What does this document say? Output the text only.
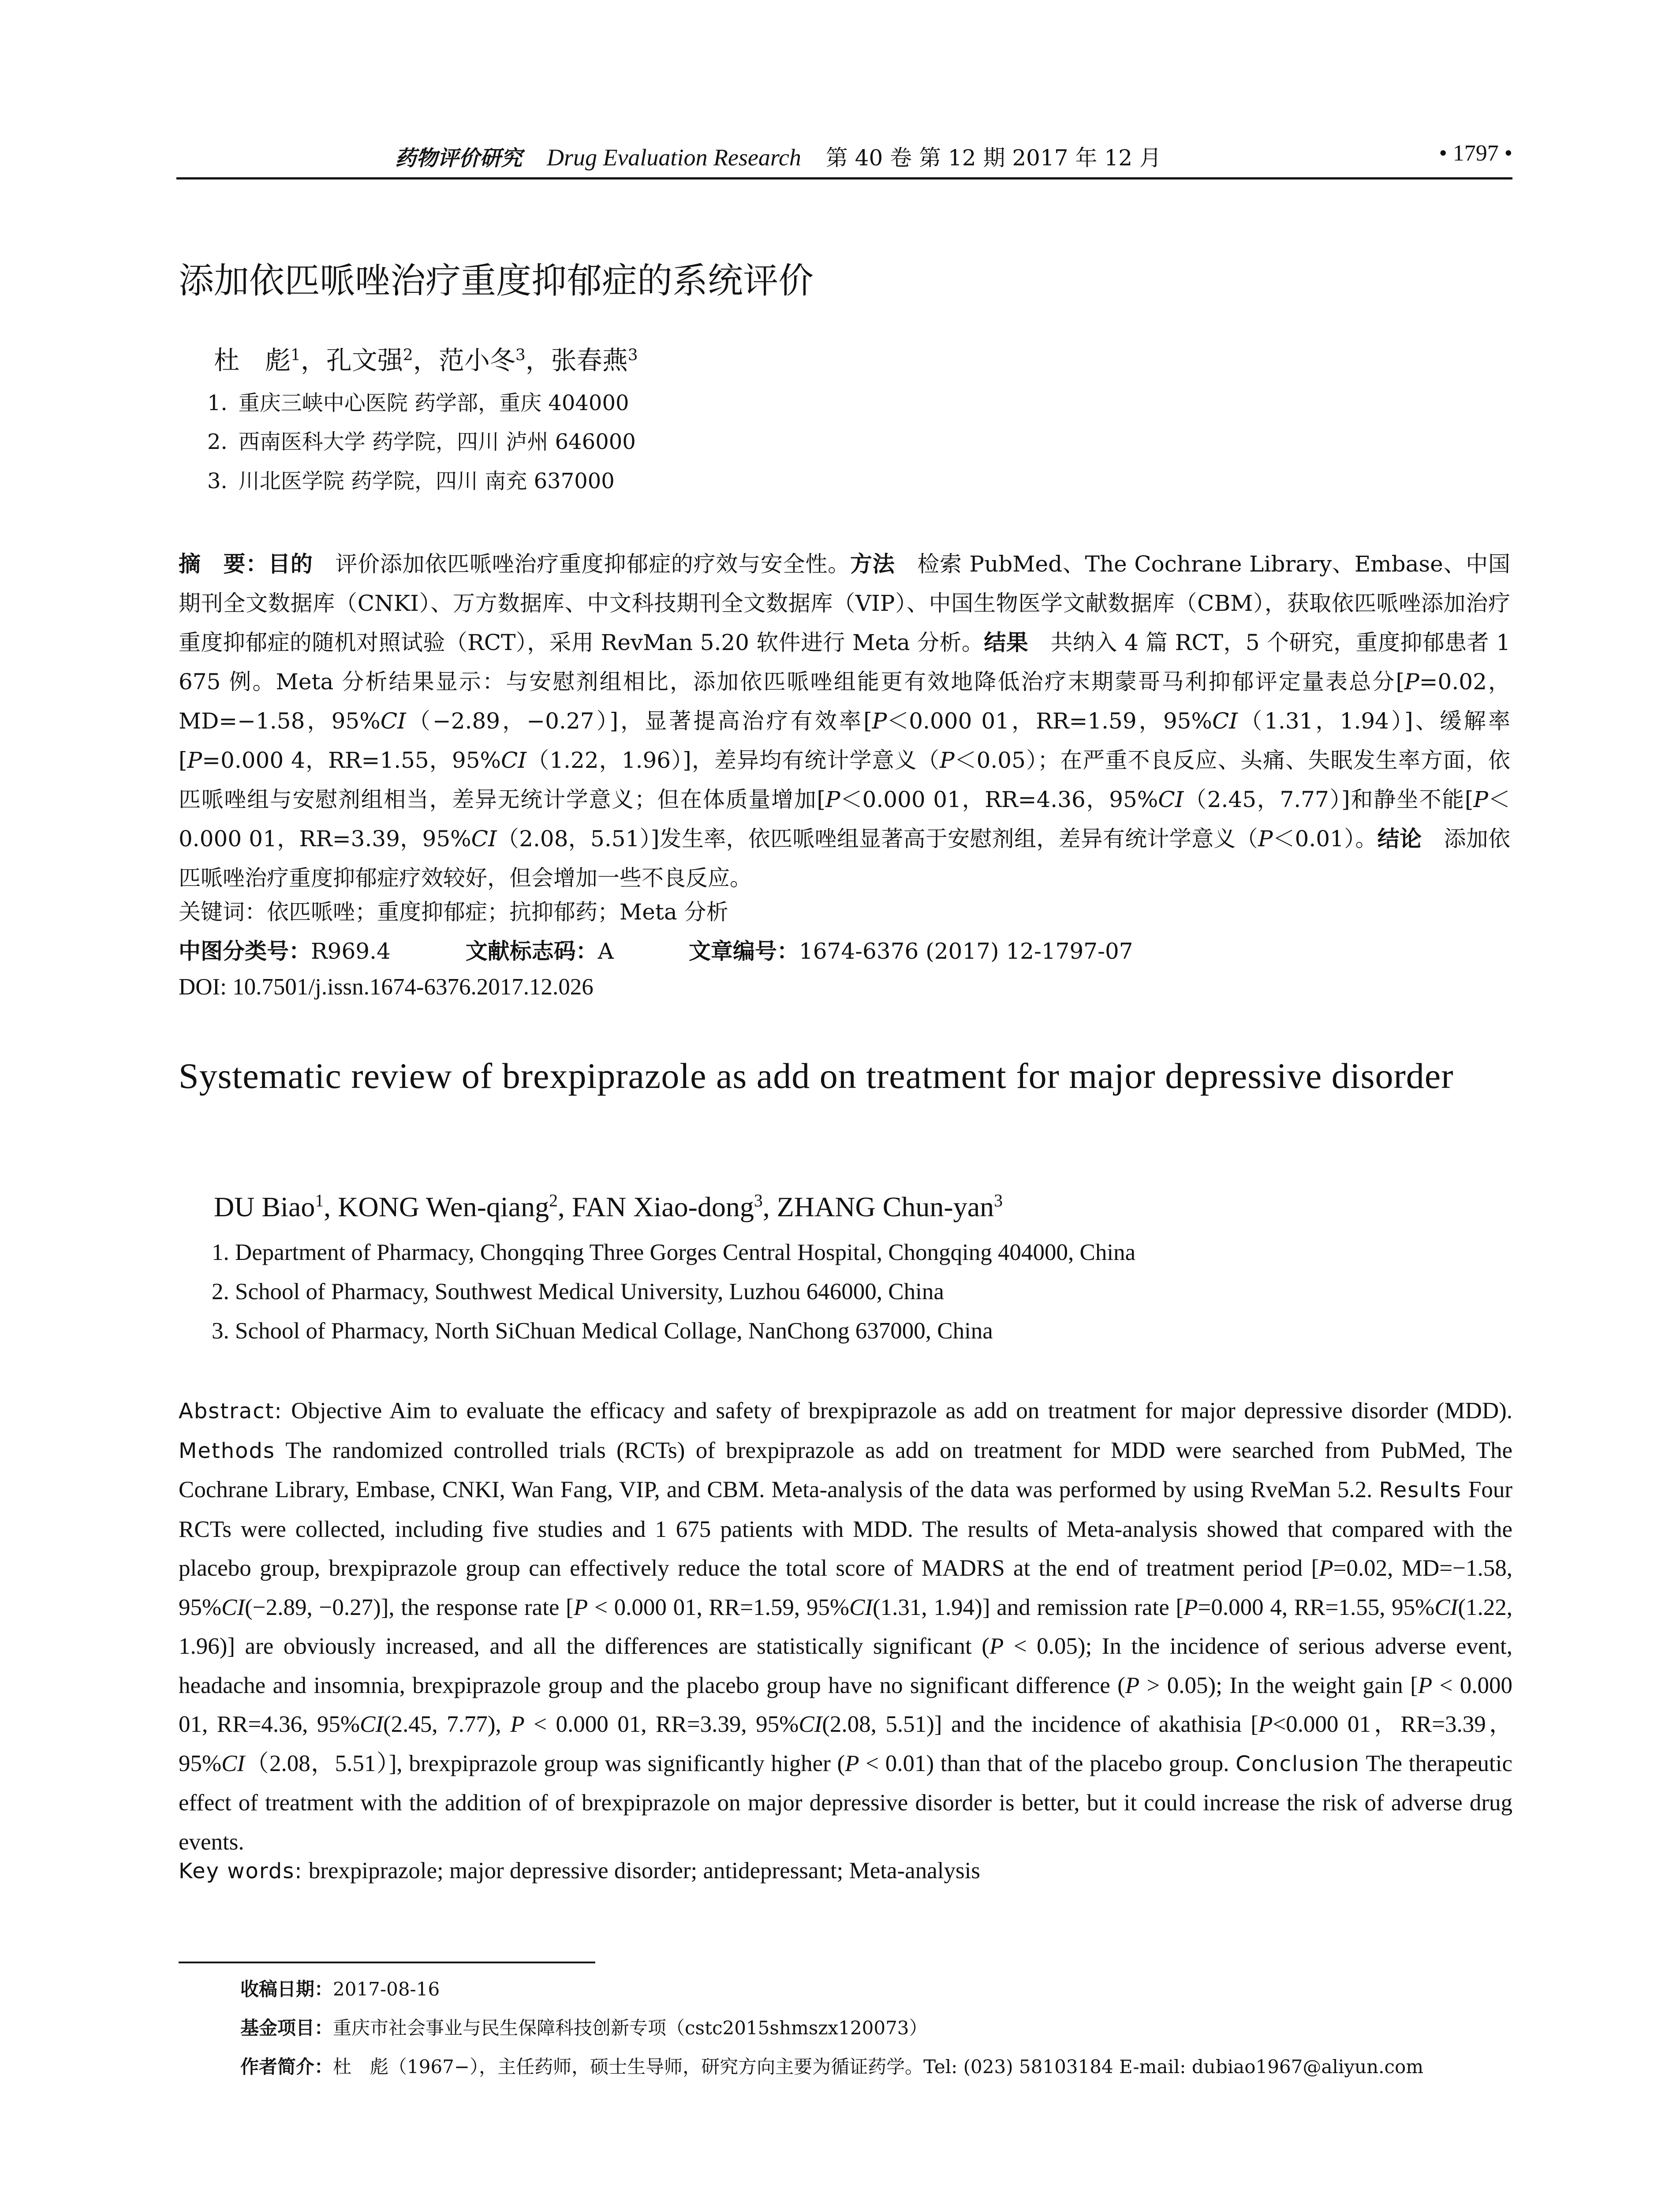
药物评价研究 Drug Evaluation Research 第 40 卷 第 12 期 2017 年 12 月	• 1797 •
添加依匹哌唑治疗重度抑郁症的系统评价
杜　彪$^1$，孔文强$^2$，范小冬$^3$，张春燕$^3$
1. 重庆三峡中心医院 药学部，重庆 404000
2. 西南医科大学 药学院，四川 泸州 646000
3. 川北医学院 药学院，四川 南充 637000
摘　要：目的　评价添加依匹哌唑治疗重度抑郁症的疗效与安全性。方法　检索 PubMed、The Cochrane Library、Embase、中国期刊全文数据库（CNKI）、万方数据库、中文科技期刊全文数据库（VIP）、中国生物医学文献数据库（CBM），获取依匹哌唑添加治疗重度抑郁症的随机对照试验（RCT），采用 RevMan 5.20 软件进行 Meta 分析。结果　共纳入 4 篇 RCT，5 个研究，重度抑郁患者 1 675 例。Meta 分析结果显示：与安慰剂组相比，添加依匹哌唑组能更有效地降低治疗末期蒙哥马利抑郁评定量表总分[P=0.02，MD=−1.58，95%CI（−2.89，−0.27）]，显著提高治疗有效率[P＜0.000 01，RR=1.59，95%CI（1.31，1.94）]、缓解率[P=0.000 4，RR=1.55，95%CI（1.22，1.96）]，差异均有统计学意义（P＜0.05）；在严重不良反应、头痛、失眠发生率方面，依匹哌唑组与安慰剂组相当，差异无统计学意义；但在体质量增加[P＜0.000 01，RR=4.36，95%CI（2.45，7.77）]和静坐不能[P＜0.000 01，RR=3.39，95%CI（2.08，5.51）]发生率，依匹哌唑组显著高于安慰剂组，差异有统计学意义（P＜0.01）。结论　添加依匹哌唑治疗重度抑郁症疗效较好，但会增加一些不良反应。
关键词：依匹哌唑；重度抑郁症；抗抑郁药；Meta 分析
中图分类号：R969.4	文献标志码：A	文章编号：1674-6376 (2017) 12-1797-07
DOI: 10.7501/j.issn.1674-6376.2017.12.026
Systematic review of brexpiprazole as add on treatment for major depressive disorder
DU Biao$^1$, KONG Wen-qiang$^2$, FAN Xiao-dong$^3$, ZHANG Chun-yan$^3$
1. Department of Pharmacy, Chongqing Three Gorges Central Hospital, Chongqing 404000, China
2. School of Pharmacy, Southwest Medical University, Luzhou 646000, China
3. School of Pharmacy, North SiChuan Medical Collage, NanChong 637000, China
Abstract: Objective Aim to evaluate the efficacy and safety of brexpiprazole as add on treatment for major depressive disorder (MDD). Methods The randomized controlled trials (RCTs) of brexpiprazole as add on treatment for MDD were searched from PubMed, The Cochrane Library, Embase, CNKI, Wan Fang, VIP, and CBM. Meta-analysis of the data was performed by using RveMan 5.2. Results Four RCTs were collected, including five studies and 1 675 patients with MDD. The results of Meta-analysis showed that compared with the placebo group, brexpiprazole group can effectively reduce the total score of MADRS at the end of treatment period [P=0.02, MD=−1.58, 95%CI(−2.89, −0.27)], the response rate [P < 0.000 01, RR=1.59, 95%CI(1.31, 1.94)] and remission rate [P=0.000 4, RR=1.55, 95%CI(1.22, 1.96)] are obviously increased, and all the differences are statistically significant (P < 0.05); In the incidence of serious adverse event, headache and insomnia, brexpiprazole group and the placebo group have no significant difference (P > 0.05); In the weight gain [P < 0.000 01, RR=4.36, 95%CI(2.45, 7.77), P < 0.000 01, RR=3.39, 95%CI(2.08, 5.51)] and the incidence of akathisia [P<0.000 01，RR=3.39，95%CI（2.08，5.51）], brexpiprazole group was significantly higher (P < 0.01) than that of the placebo group. Conclusion The therapeutic effect of treatment with the addition of of brexpiprazole on major depressive disorder is better, but it could increase the risk of adverse drug events.
Key words: brexpiprazole; major depressive disorder; antidepressant; Meta-analysis
收稿日期：2017-08-16
基金项目：重庆市社会事业与民生保障科技创新专项（cstc2015shmszx120073）
作者简介：杜　彪（1967−），主任药师，硕士生导师，研究方向主要为循证药学。Tel: (023) 58103184 E-mail: dubiao1967@aliyun.com
